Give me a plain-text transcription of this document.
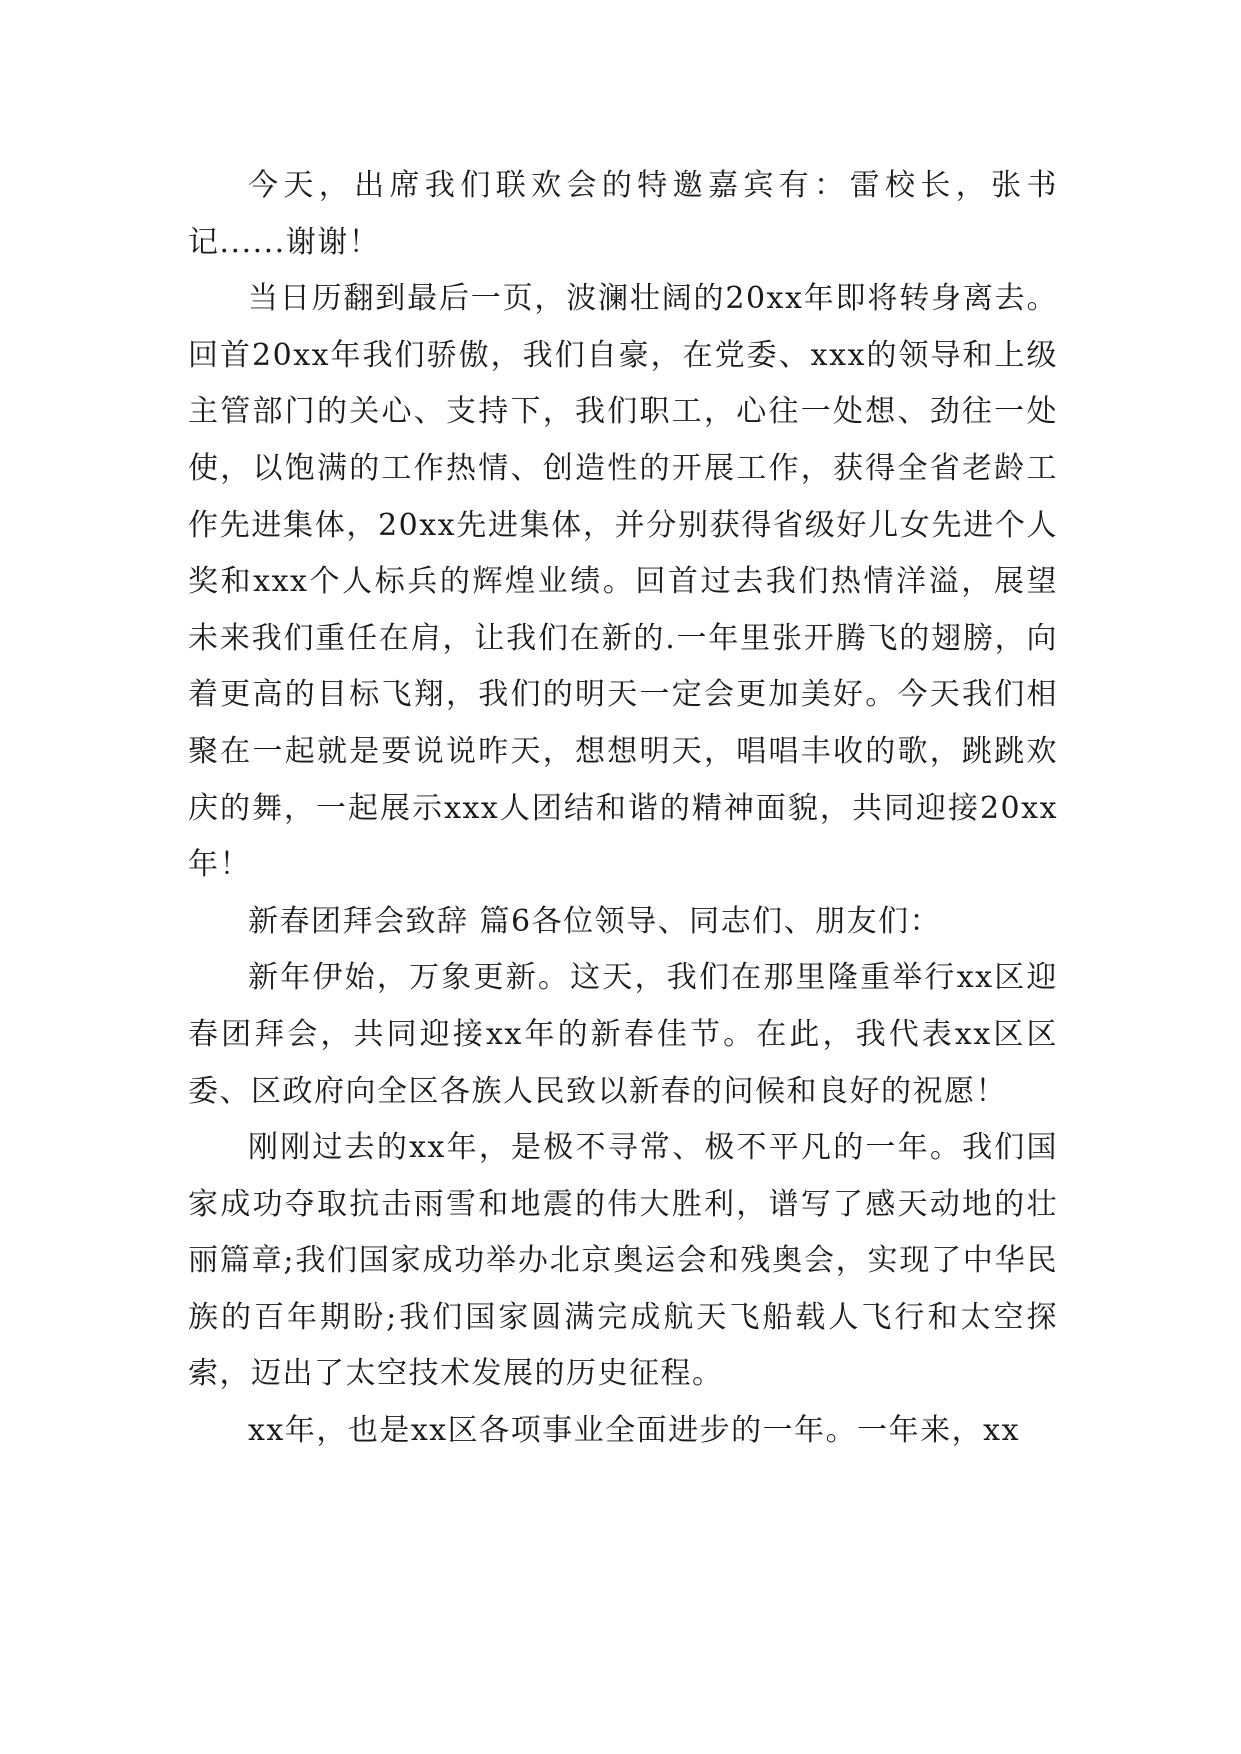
今天，出席我们联欢会的特邀嘉宾有：雷校长，张书记......谢谢！

当日历翻到最后一页，波澜壮阔的20xx年即将转身离去。回首20xx年我们骄傲，我们自豪，在党委、xxx的领导和上级主管部门的关心、支持下，我们职工，心往一处想、劲往一处使，以饱满的工作热情、创造性的开展工作，获得全省老龄工作先进集体，20xx先进集体，并分别获得省级好儿女先进个人奖和xxx个人标兵的辉煌业绩。回首过去我们热情洋溢，展望未来我们重任在肩，让我们在新的.一年里张开腾飞的翅膀，向着更高的目标飞翔，我们的明天一定会更加美好。今天我们相聚在一起就是要说说昨天，想想明天，唱唱丰收的歌，跳跳欢庆的舞，一起展示xxx人团结和谐的精神面貌，共同迎接20xx年！

新春团拜会致辞 篇6各位领导、同志们、朋友们：

新年伊始，万象更新。这天，我们在那里隆重举行xx区迎春团拜会，共同迎接xx年的新春佳节。在此，我代表xx区区委、区政府向全区各族人民致以新春的问候和良好的祝愿！

刚刚过去的xx年，是极不寻常、极不平凡的一年。我们国家成功夺取抗击雨雪和地震的伟大胜利，谱写了感天动地的壮丽篇章;我们国家成功举办北京奥运会和残奥会，实现了中华民族的百年期盼;我们国家圆满完成航天飞船载人飞行和太空探索，迈出了太空技术发展的历史征程。

xx年，也是xx区各项事业全面进步的一年。一年来，xx
